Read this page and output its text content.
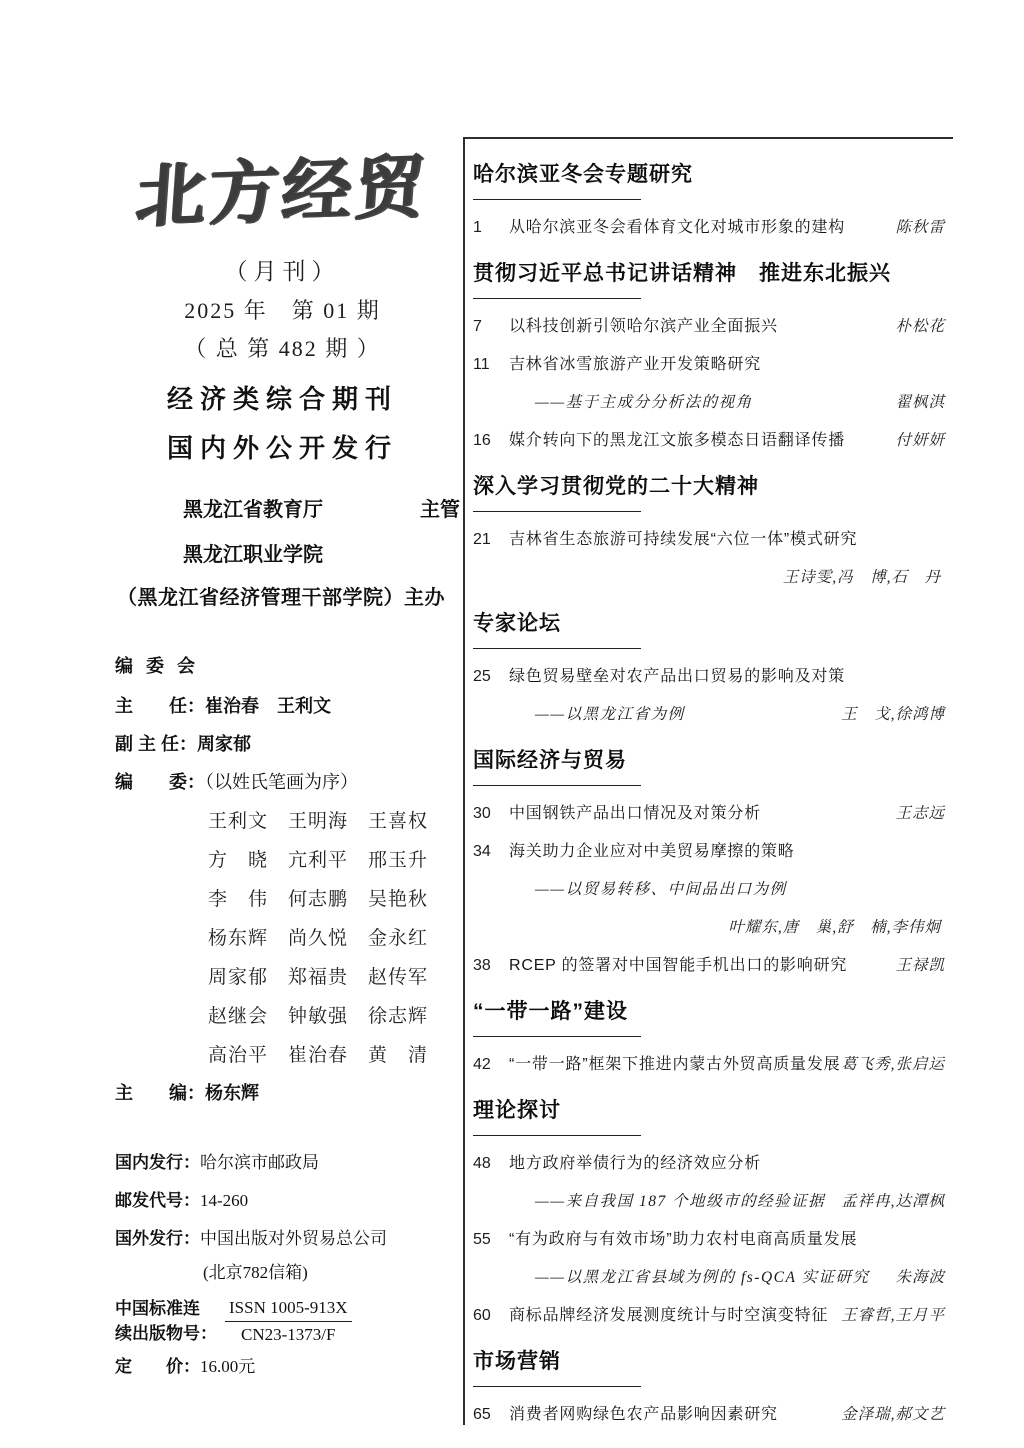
北方经贸
（月刊）
2025 年　第 01 期
（ 总 第 482 期 ）
经济类综合期刊
国内外公开发行
黑龙江省教育厅	主管
黑龙江职业学院
（黑龙江省经济管理干部学院）主办
编 委 会
主　　任：崔治春　王利文
副 主 任：周家郁
编　　委：（以姓氏笔画为序）
王利文　王明海　王喜权
方　晓　亢利平　邢玉升
李　伟　何志鹏　吴艳秋
杨东辉　尚久悦　金永红
周家郁　郑福贵　赵传军
赵继会　钟敏强　徐志辉
高治平　崔治春　黄　清
主　　编：杨东辉
国内发行：哈尔滨市邮政局
邮发代号：14-260
国外发行：中国出版对外贸易总公司
(北京782信箱)
中国标准连
续出版物号： $\frac{\text{ISSN 1005-913X}}{CN23-1373/F}$
定　　价：16.00元
哈尔滨亚冬会专题研究
1	从哈尔滨亚冬会看体育文化对城市形象的建构	陈秋雷
贯彻习近平总书记讲话精神　推进东北振兴
7	以科技创新引领哈尔滨产业全面振兴	朴松花
11	吉林省冰雪旅游产业开发策略研究
——基于主成分分析法的视角	翟枫淇
16	媒介转向下的黑龙江文旅多模态日语翻译传播	付妍妍
深入学习贯彻党的二十大精神
21	吉林省生态旅游可持续发展“六位一体”模式研究
王诗雯,冯　博,石　丹
专家论坛
25	绿色贸易壁垒对农产品出口贸易的影响及对策
——以黑龙江省为例	王　戈,徐鸿博
国际经济与贸易
30	中国钢铁产品出口情况及对策分析	王志远
34	海关助力企业应对中美贸易摩擦的策略
——以贸易转移、中间品出口为例
叶耀东,唐　巢,舒　楠,李伟炯
38	RCEP 的签署对中国智能手机出口的影响研究	王禄凯
“一带一路”建设
42	“一带一路”框架下推进内蒙古外贸高质量发展 葛飞秀,张启运
理论探讨
48	地方政府举债行为的经济效应分析
——来自我国 187 个地级市的经验证据	孟祥冉,达潭枫
55	“有为政府与有效市场”助力农村电商高质量发展
——以黑龙江省县域为例的 fs-QCA 实证研究	朱海波
60	商标品牌经济发展测度统计与时空演变特征 王睿哲,王月平
市场营销
65	消费者网购绿色农产品影响因素研究	金泽瑞,郝文艺
